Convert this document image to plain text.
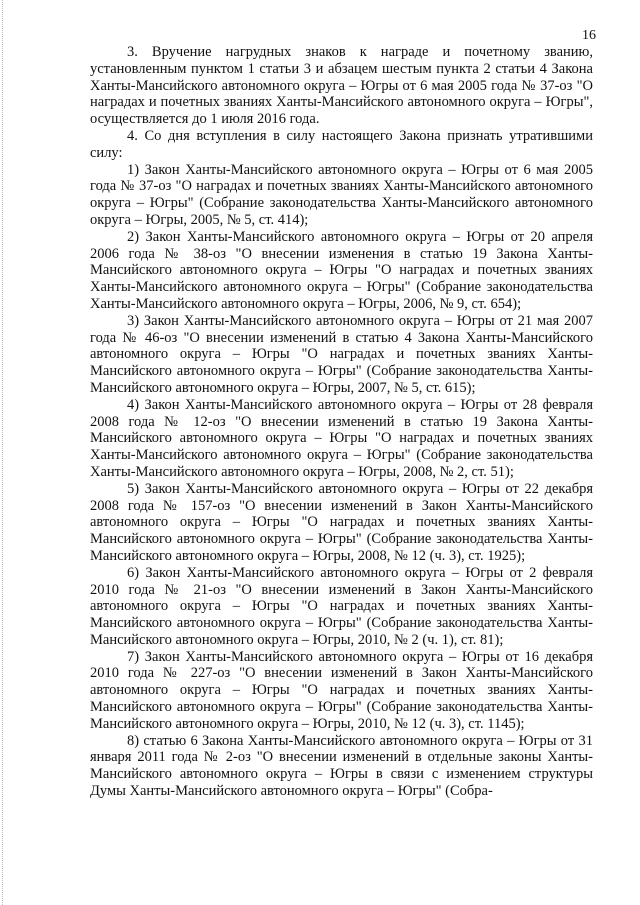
16

3. Вручение нагрудных знаков к награде и почетному званию, установленным пунктом 1 статьи 3 и абзацем шестым пункта 2 статьи 4 Закона Ханты-Мансийского автономного округа – Югры от 6 мая 2005 года № 37-оз "О наградах и почетных званиях Ханты-Мансийского автономного округа – Югры", осуществляется до 1 июля 2016 года.

4. Со дня вступления в силу настоящего Закона признать утратившими силу:

1) Закон Ханты-Мансийского автономного округа – Югры от 6 мая 2005 года № 37-оз "О наградах и почетных званиях Ханты-Мансийского автономного округа – Югры" (Собрание законодательства Ханты-Мансийского автономного округа – Югры, 2005, № 5, ст. 414);

2) Закон Ханты-Мансийского автономного округа – Югры от 20 апреля 2006 года № 38-оз "О внесении изменения в статью 19 Закона Ханты-Мансийского автономного округа – Югры "О наградах и почетных званиях Ханты-Мансийского автономного округа – Югры" (Собрание законодательства Ханты-Мансийского автономного округа – Югры, 2006, № 9, ст. 654);

3) Закон Ханты-Мансийского автономного округа – Югры от 21 мая 2007 года № 46-оз "О внесении изменений в статью 4 Закона Ханты-Мансийского автономного округа – Югры "О наградах и почетных званиях Ханты-Мансийского автономного округа – Югры" (Собрание законодательства Ханты-Мансийского автономного округа – Югры, 2007, № 5, ст. 615);

4) Закон Ханты-Мансийского автономного округа – Югры от 28 февраля 2008 года № 12-оз "О внесении изменений в статью 19 Закона Ханты-Мансийского автономного округа – Югры "О наградах и почетных званиях Ханты-Мансийского автономного округа – Югры" (Собрание законодательства Ханты-Мансийского автономного округа – Югры, 2008, № 2, ст. 51);

5) Закон Ханты-Мансийского автономного округа – Югры от 22 декабря 2008 года № 157-оз "О внесении изменений в Закон Ханты-Мансийского автономного округа – Югры "О наградах и почетных званиях Ханты-Мансийского автономного округа – Югры" (Собрание законодательства Ханты-Мансийского автономного округа – Югры, 2008, № 12 (ч. 3), ст. 1925);

6) Закон Ханты-Мансийского автономного округа – Югры от 2 февраля 2010 года № 21-оз "О внесении изменений в Закон Ханты-Мансийского автономного округа – Югры "О наградах и почетных званиях Ханты-Мансийского автономного округа – Югры" (Собрание законодательства Ханты-Мансийского автономного округа – Югры, 2010, № 2 (ч. 1), ст. 81);

7) Закон Ханты-Мансийского автономного округа – Югры от 16 декабря 2010 года № 227-оз "О внесении изменений в Закон Ханты-Мансийского автономного округа – Югры "О наградах и почетных званиях Ханты-Мансийского автономного округа – Югры" (Собрание законодательства Ханты-Мансийского автономного округа – Югры, 2010, № 12 (ч. 3), ст. 1145);

8) статью 6 Закона Ханты-Мансийского автономного округа – Югры от 31 января 2011 года № 2-оз "О внесении изменений в отдельные законы Ханты-Мансийского автономного округа – Югры в связи с изменением структуры Думы Ханты-Мансийского автономного округа – Югры" (Собра-
